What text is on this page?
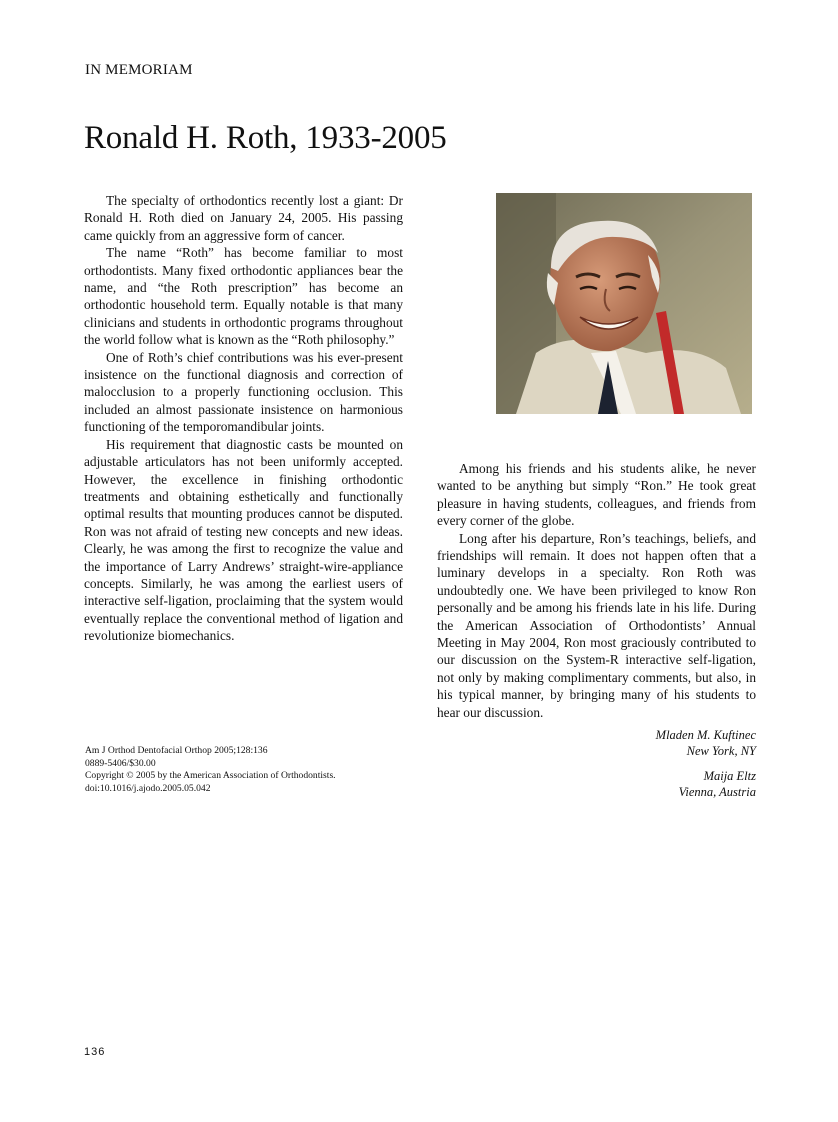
IN MEMORIAM
Ronald H. Roth, 1933-2005

The specialty of orthodontics recently lost a giant: Dr Ronald H. Roth died on January 24, 2005. His passing came quickly from an aggressive form of cancer.

The name “Roth” has become familiar to most orthodontists. Many fixed orthodontic appliances bear the name, and “the Roth prescription” has become an orthodontic household term. Equally notable is that many clinicians and students in orthodontic programs throughout the world follow what is known as the “Roth philosophy.”

One of Roth’s chief contributions was his ever-present insistence on the functional diagnosis and correction of malocclusion to a properly functioning occlusion. This included an almost passionate insistence on harmonious functioning of the temporomandibular joints.

His requirement that diagnostic casts be mounted on adjustable articulators has not been uniformly accepted. However, the excellence in finishing orthodontic treatments and obtaining esthetically and functionally optimal results that mounting produces cannot be disputed. Ron was not afraid of testing new concepts and new ideas. Clearly, he was among the first to recognize the value and the importance of Larry Andrews’ straight-wire-appliance concepts. Similarly, he was among the earliest users of interactive self-ligation, proclaiming that the system would eventually replace the conventional method of ligation and revolutionize biomechanics.

Among his friends and his students alike, he never wanted to be anything but simply “Ron.” He took great pleasure in having students, colleagues, and friends from every corner of the globe.

Long after his departure, Ron’s teachings, beliefs, and friendships will remain. It does not happen often that a luminary develops in a specialty. Ron Roth was undoubtedly one. We have been privileged to know Ron personally and be among his friends late in his life. During the American Association of Orthodontists’ Annual Meeting in May 2004, Ron most graciously contributed to our discussion on the System-R interactive self-ligation, not only by making complimentary comments, but also, in his typical manner, by bringing many of his students to hear our discussion.

Mladen M. Kuftinec
New York, NY
Maija Eltz
Vienna, Austria
Am J Orthod Dentofacial Orthop 2005;128:136
0889-5406/$30.00
Copyright © 2005 by the American Association of Orthodontists.
doi:10.1016/j.ajodo.2005.05.042
136
